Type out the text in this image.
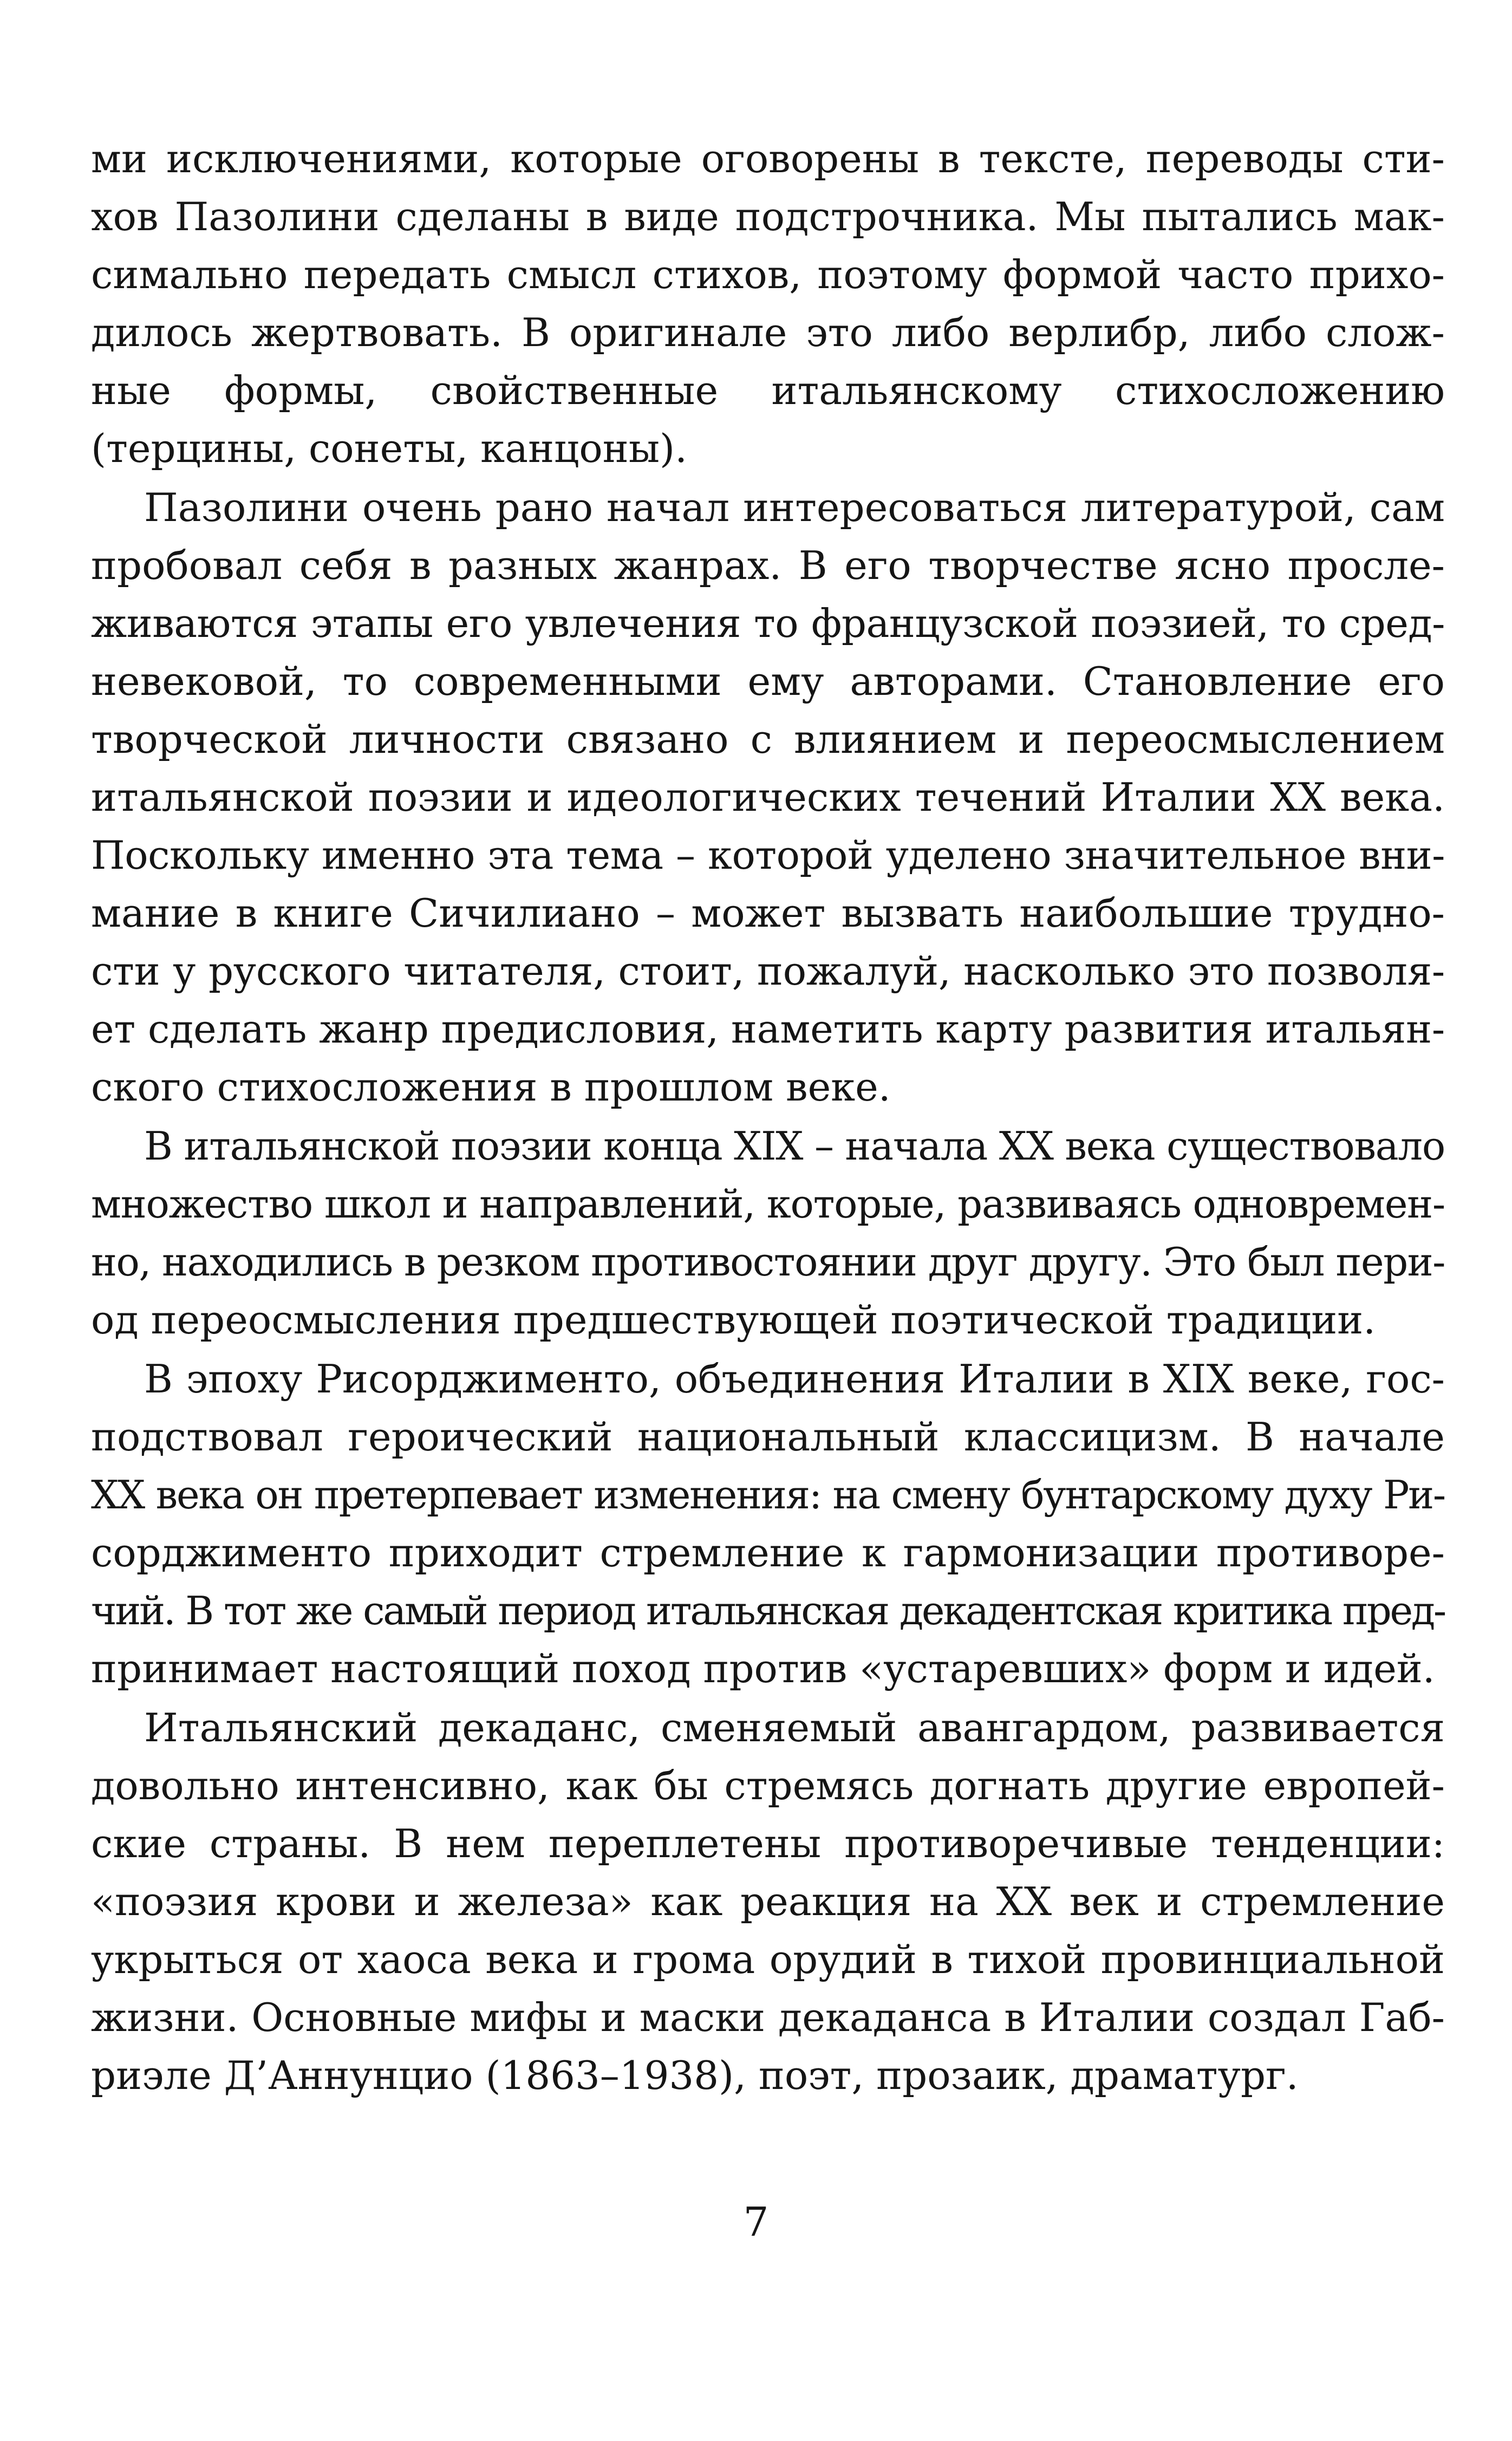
ми исключениями, которые оговорены в тексте, переводы сти-
хов Пазолини сделаны в виде подстрочника. Мы пытались мак-
симально передать смысл стихов, поэтому формой часто прихо-
дилось жертвовать. В оригинале это либо верлибр, либо слож-
ные формы, свойственные итальянскому стихосложению
(терцины, сонеты, канцоны).
Пазолини очень рано начал интересоваться литературой, сам
пробовал себя в разных жанрах. В его творчестве ясно просле-
живаются этапы его увлечения то французской поэзией, то сред-
невековой, то современными ему авторами. Становление его
творческой личности связано с влиянием и переосмыслением
итальянской поэзии и идеологических течений Италии XX века.
Поскольку именно эта тема – которой уделено значительное вни-
мание в книге Сичилиано – может вызвать наибольшие трудно-
сти у русского читателя, стоит, пожалуй, насколько это позволя-
ет сделать жанр предисловия, наметить карту развития итальян-
ского стихосложения в прошлом веке.
В итальянской поэзии конца XIX – начала XX века существовало
множество школ и направлений, которые, развиваясь одновремен-
но, находились в резком противостоянии друг другу. Это был пери-
од переосмысления предшествующей поэтической традиции.
В эпоху Рисорджименто, объединения Италии в XIX веке, гос-
подствовал героический национальный классицизм. В начале
XX века он претерпевает изменения: на смену бунтарскому духу Ри-
сорджименто приходит стремление к гармонизации противоре-
чий. В тот же самый период итальянская декадентская критика пред-
принимает настоящий поход против «устаревших» форм и идей.
Итальянский декаданс, сменяемый авангардом, развивается
довольно интенсивно, как бы стремясь догнать другие европей-
ские страны. В нем переплетены противоречивые тенденции:
«поэзия крови и железа» как реакция на XX век и стремление
укрыться от хаоса века и грома орудий в тихой провинциальной
жизни. Основные мифы и маски декаданса в Италии создал Габ-
риэле Д’Аннунцио (1863–1938), поэт, прозаик, драматург.
7
